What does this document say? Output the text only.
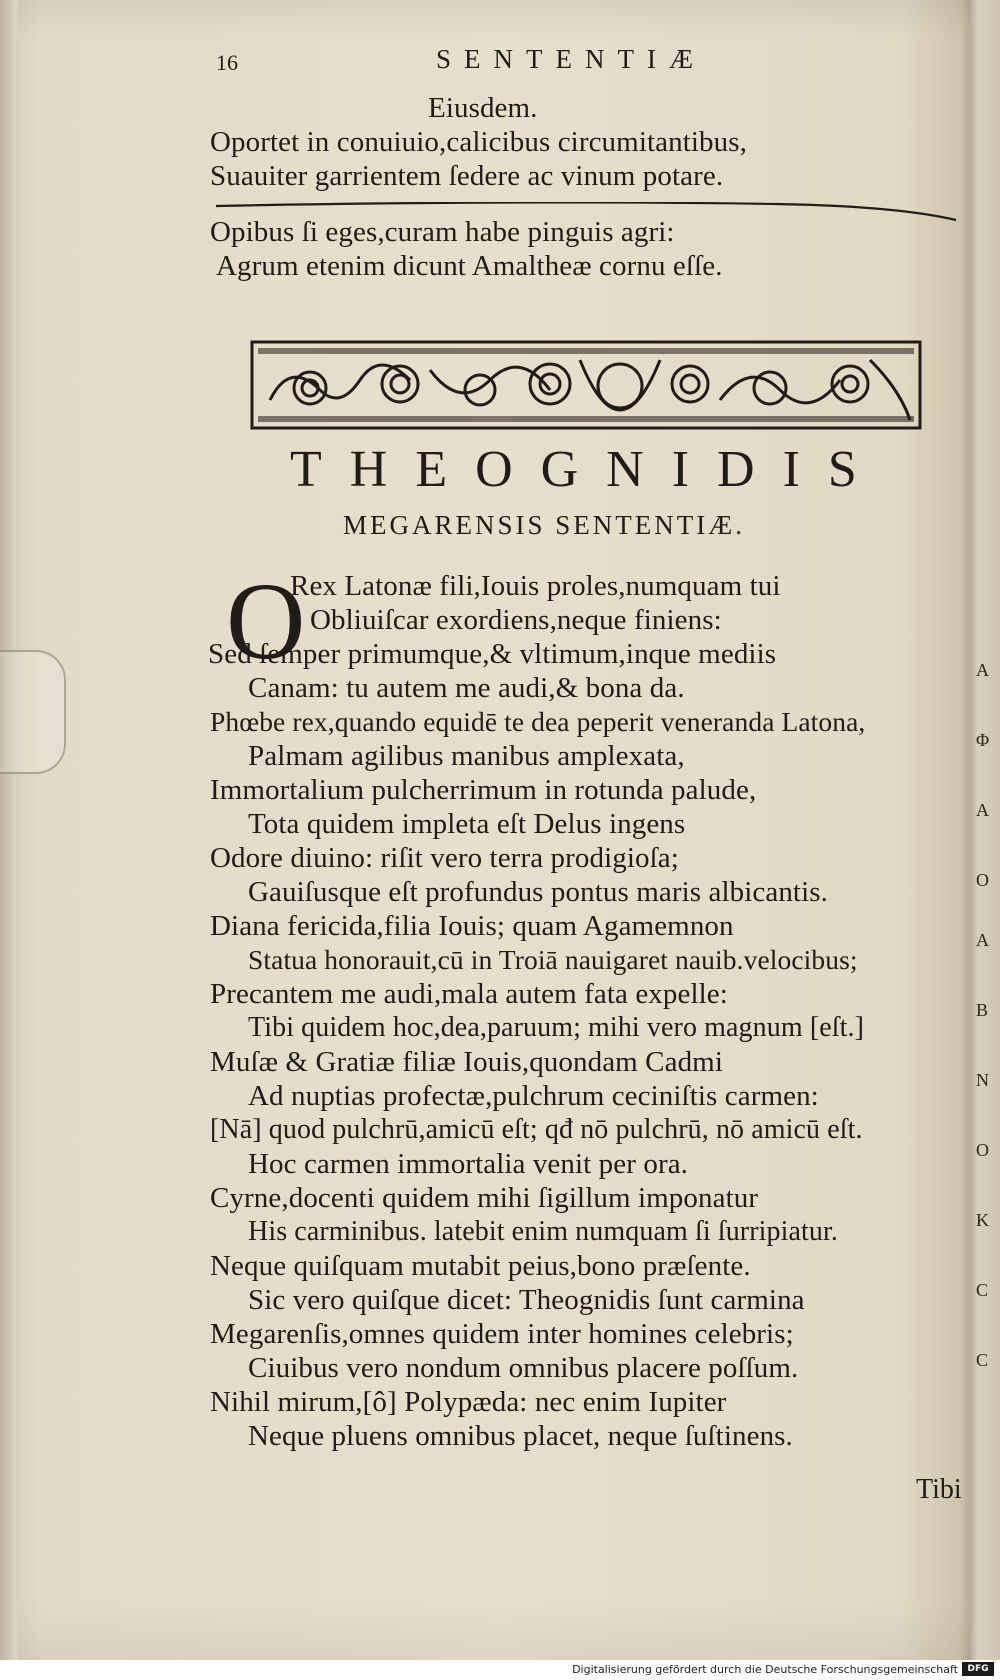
16	SENTENTIÆ
Eiusdem.
Oportet in conuiuio,calicibus circumitantibus,
Suauiter garrientem ſedere ac vinum potare.
Opibus ſi eges,curam habe pinguis agri:
Agrum etenim dicunt Amaltheæ cornu eſſe.
THEOGNIDIS
MEGARENSIS SENTENTIÆ.
O
Rex Latonæ fili,Iouis proles,numquam tui
Obliuiſcar exordiens,neque finiens:
Sed ſemper primumque,& vltimum,inque mediis
Canam: tu autem me audi,& bona da.
Phœbe rex,quando equidē te dea peperit veneranda Latona,
Palmam agilibus manibus amplexata,
Immortalium pulcherrimum in rotunda palude,
Tota quidem impleta eſt Delus ingens
Odore diuino: riſit vero terra prodigioſa;
Gauiſusque eſt profundus pontus maris albicantis.
Diana fericida,filia Iouis; quam Agamemnon
Statua honorauit,cū in Troiā nauigaret nauib.velocibus;
Precantem me audi,mala autem fata expelle:
Tibi quidem hoc,dea,paruum; mihi vero magnum [eſt.]
Muſæ & Gratiæ filiæ Iouis,quondam Cadmi
Ad nuptias profectæ,pulchrum ceciniſtis carmen:
[Nā] quod pulchrū,amicū eſt; qđ nō pulchrū, nō amicū eſt.
Hoc carmen immortalia venit per ora.
Cyrne,docenti quidem mihi ſigillum imponatur
His carminibus. latebit enim numquam ſi ſurripiatur.
Neque quiſquam mutabit peius,bono præſente.
Sic vero quiſque dicet: Theognidis ſunt carmina
Megarenſis,omnes quidem inter homines celebris;
Ciuibus vero nondum omnibus placere poſſum.
Nihil mirum,[ô] Polypæda: nec enim Iupiter
Neque pluens omnibus placet, neque ſuſtinens.
Tibi
A
Φ
A
O
A
B
N
O
K
C
C
Digitalisierung gefördert durch die Deutsche Forschungsgemeinschaft	DFG
